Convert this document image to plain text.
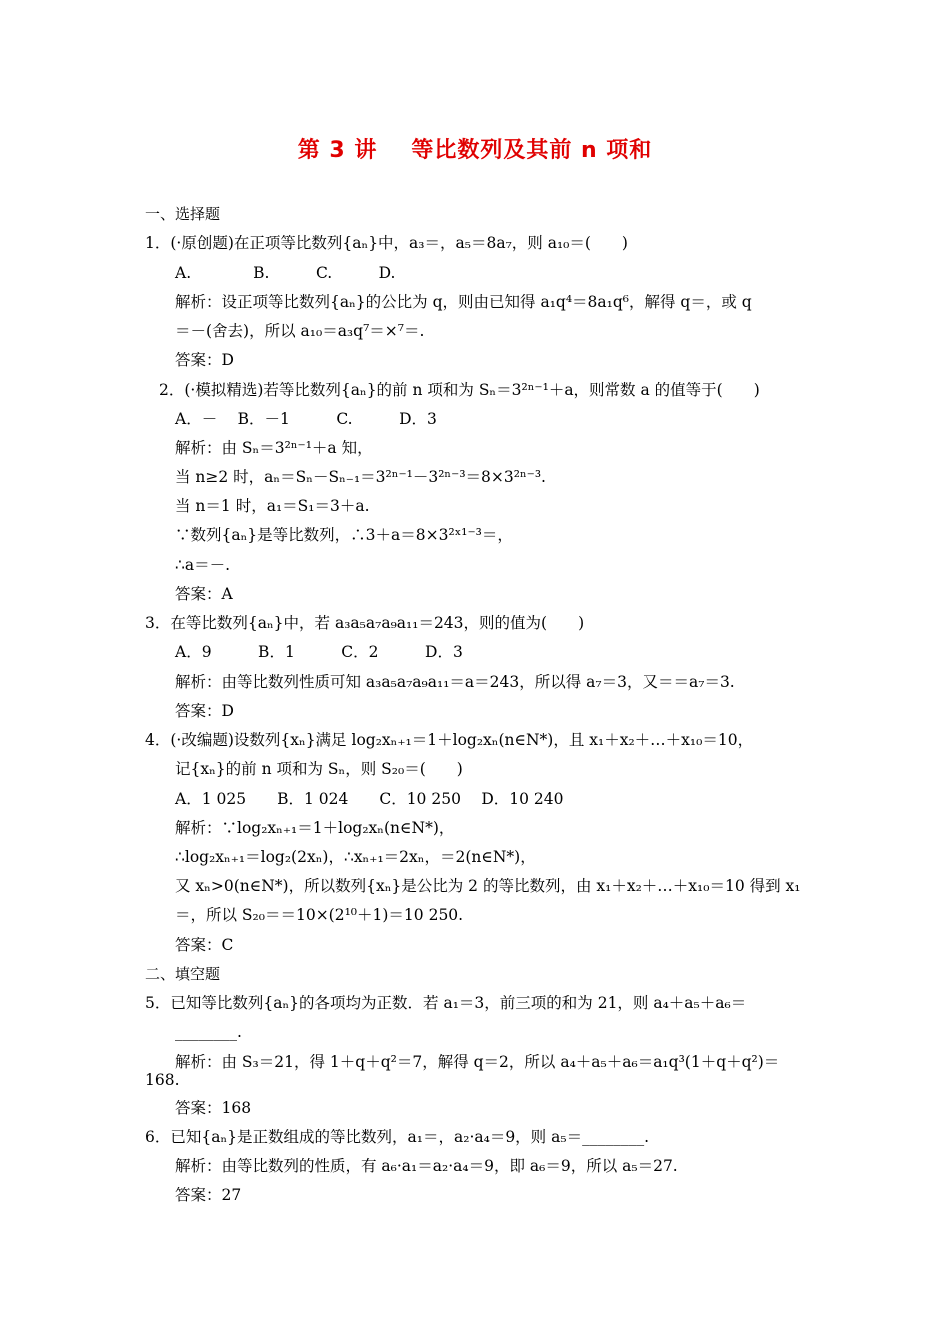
第 3 讲 等比数列及其前 n 项和
一、选择题
1．(·原创题)在正项等比数列{aₙ}中，a₃＝，a₅＝8a₇，则 a₁₀＝(　　)
A.　　　　B.　　　C.　　　D.
解析：设正项等比数列{aₙ}的公比为 q，则由已知得 a₁q⁴＝8a₁q⁶，解得 q＝，或 q
＝－(舍去)，所以 a₁₀＝a₃q⁷＝×⁷＝.
答案：D
2．(·模拟精选)若等比数列{aₙ}的前 n 项和为 Sₙ＝3²ⁿ⁻¹＋a，则常数 a 的值等于(　　)
A．－　 B．－1　　　C.　　　D．3
解析：由 Sₙ＝3²ⁿ⁻¹＋a 知，
当 n≥2 时，aₙ＝Sₙ－Sₙ₋₁＝3²ⁿ⁻¹－3²ⁿ⁻³＝8×3²ⁿ⁻³.
当 n＝1 时，a₁＝S₁＝3＋a.
∵数列{aₙ}是等比数列，∴3＋a＝8×3²ˣ¹⁻³＝，
∴a＝－.
答案：A
3．在等比数列{aₙ}中，若 a₃a₅a₇a₉a₁₁＝243，则的值为(　　)
A．9　　　B．1　　　C．2　　　D．3
解析：由等比数列性质可知 a₃a₅a₇a₉a₁₁＝a＝243，所以得 a₇＝3，又＝＝a₇＝3.
答案：D
4．(·改编题)设数列{xₙ}满足 log₂xₙ₊₁＝1＋log₂xₙ(n∈N*)，且 x₁＋x₂＋…＋x₁₀＝10，
记{xₙ}的前 n 项和为 Sₙ，则 S₂₀＝(　　)
A．1 025　　B．1 024　　C．10 250　 D．10 240
解析：∵log₂xₙ₊₁＝1＋log₂xₙ(n∈N*)，
∴log₂xₙ₊₁＝log₂(2xₙ)，∴xₙ₊₁＝2xₙ，＝2(n∈N*)，
又 xₙ>0(n∈N*)，所以数列{xₙ}是公比为 2 的等比数列，由 x₁＋x₂＋…＋x₁₀＝10 得到 x₁
＝，所以 S₂₀＝＝10×(2¹⁰＋1)＝10 250.
答案：C
二、填空题
5．已知等比数列{aₙ}的各项均为正数．若 a₁＝3，前三项的和为 21，则 a₄＋a₅＋a₆＝
________.
解析：由 S₃＝21，得 1＋q＋q²＝7，解得 q＝2，所以 a₄＋a₅＋a₆＝a₁q³(1＋q＋q²)＝
168.
答案：168
6．已知{aₙ}是正数组成的等比数列，a₁＝，a₂·a₄＝9，则 a₅＝________.
解析：由等比数列的性质，有 a₆·a₁＝a₂·a₄＝9，即 a₆＝9，所以 a₅＝27.
答案：27
